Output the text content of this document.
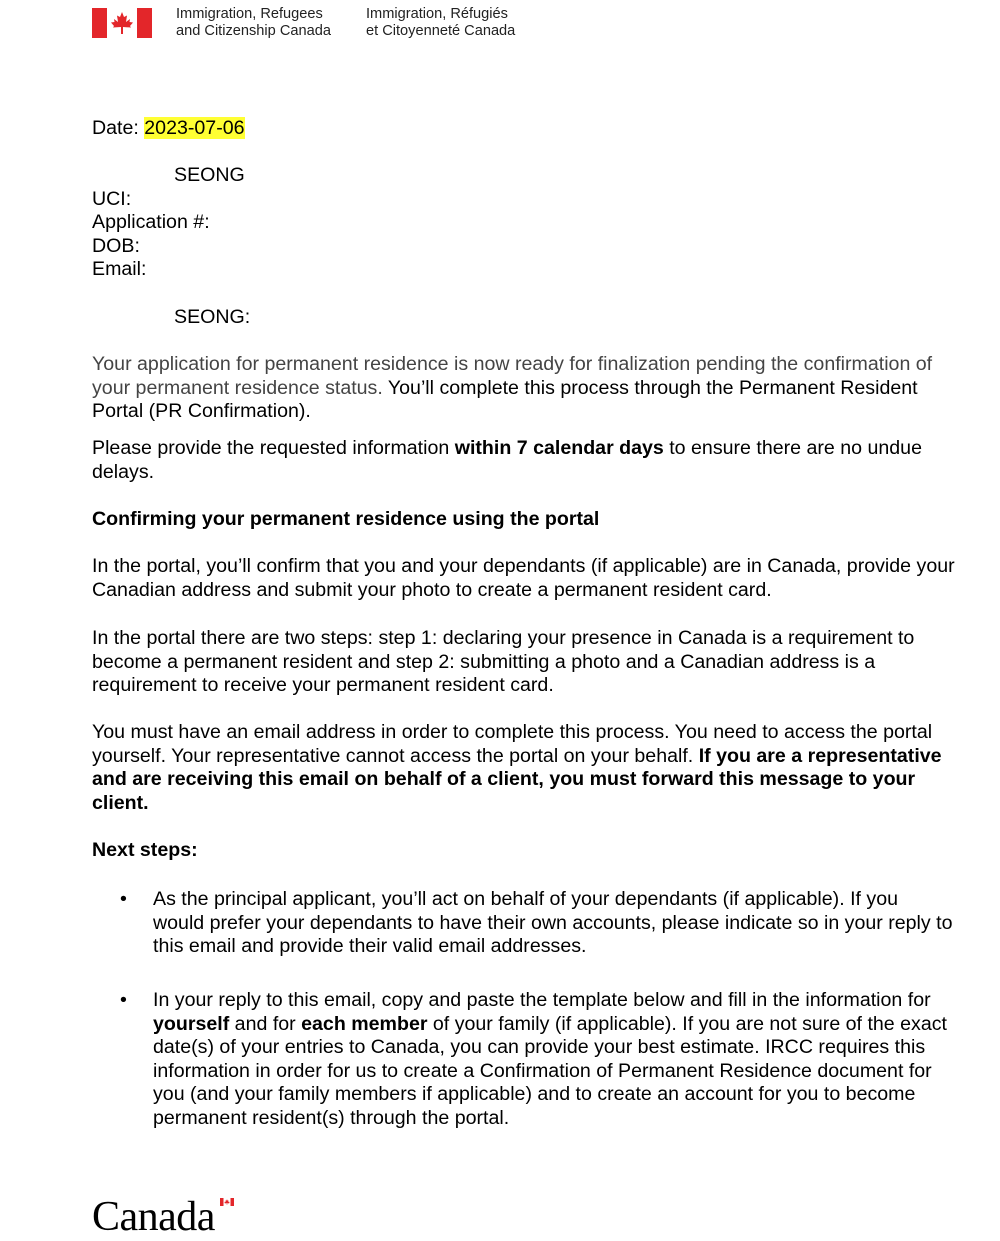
Immigration, Refugees
and Citizenship Canada
Immigration, Réfugiés
et Citoyenneté Canada
Date: 2023-07-06
SEONG
UCI:
Application #:
DOB:
Email:
SEONG:

Your application for permanent residence is now ready for finalization pending the confirmation of your permanent residence status. You’ll complete this process through the Permanent Resident Portal (PR Confirmation).

Please provide the requested information within 7 calendar days to ensure there are no undue delays.

Confirming your permanent residence using the portal
In the portal, you’ll confirm that you and your dependants (if applicable) are in Canada, provide your Canadian address and submit your photo to create a permanent resident card.
In the portal there are two steps: step 1: declaring your presence in Canada is a requirement to become a permanent resident and step 2: submitting a photo and a Canadian address is a requirement to receive your permanent resident card.

You must have an email address in order to complete this process. You need to access the portal yourself. Your representative cannot access the portal on your behalf. If you are a representative and are receiving this email on behalf of a client, you must forward this message to your client.

Next steps:
•	As the principal applicant, you’ll act on behalf of your dependants (if applicable). If you would prefer your dependants to have their own accounts, please indicate so in your reply to this email and provide their valid email addresses.
•	In your reply to this email, copy and paste the template below and fill in the information for yourself and for each member of your family (if applicable). If you are not sure of the exact date(s) of your entries to Canada, you can provide your best estimate. IRCC requires this information in order for us to create a Confirmation of Permanent Residence document for you (and your family members if applicable) and to create an account for you to become permanent resident(s) through the portal.
Canada
